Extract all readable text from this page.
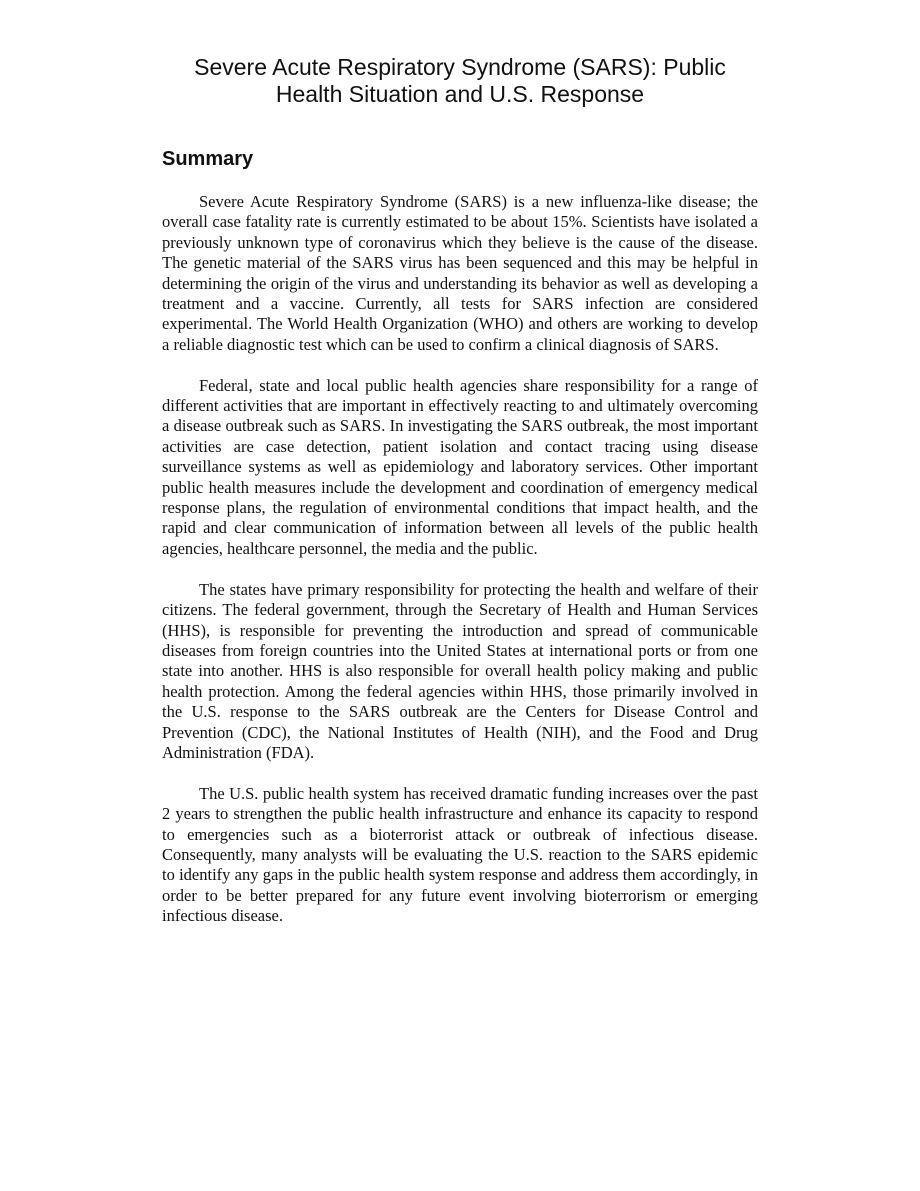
Severe Acute Respiratory Syndrome (SARS): Public
Health Situation and U.S. Response
Summary

Severe Acute Respiratory Syndrome (SARS) is a new influenza-like disease; the overall case fatality rate is currently estimated to be about 15%. Scientists have isolated a previously unknown type of coronavirus which they believe is the cause of the disease. The genetic material of the SARS virus has been sequenced and this may be helpful in determining the origin of the virus and understanding its behavior as well as developing a treatment and a vaccine. Currently, all tests for SARS infection are considered experimental. The World Health Organization (WHO) and others are working to develop a reliable diagnostic test which can be used to confirm a clinical diagnosis of SARS.

Federal, state and local public health agencies share responsibility for a range of different activities that are important in effectively reacting to and ultimately overcoming a disease outbreak such as SARS. In investigating the SARS outbreak, the most important activities are case detection, patient isolation and contact tracing using disease surveillance systems as well as epidemiology and laboratory services. Other important public health measures include the development and coordination of emergency medical response plans, the regulation of environmental conditions that impact health, and the rapid and clear communication of information between all levels of the public health agencies, healthcare personnel, the media and the public.

The states have primary responsibility for protecting the health and welfare of their citizens. The federal government, through the Secretary of Health and Human Services (HHS), is responsible for preventing the introduction and spread of communicable diseases from foreign countries into the United States at international ports or from one state into another. HHS is also responsible for overall health policy making and public health protection. Among the federal agencies within HHS, those primarily involved in the U.S. response to the SARS outbreak are the Centers for Disease Control and Prevention (CDC), the National Institutes of Health (NIH), and the Food and Drug Administration (FDA).

The U.S. public health system has received dramatic funding increases over the past 2 years to strengthen the public health infrastructure and enhance its capacity to respond to emergencies such as a bioterrorist attack or outbreak of infectious disease. Consequently, many analysts will be evaluating the U.S. reaction to the SARS epidemic to identify any gaps in the public health system response and address them accordingly, in order to be better prepared for any future event involving bioterrorism or emerging infectious disease.
